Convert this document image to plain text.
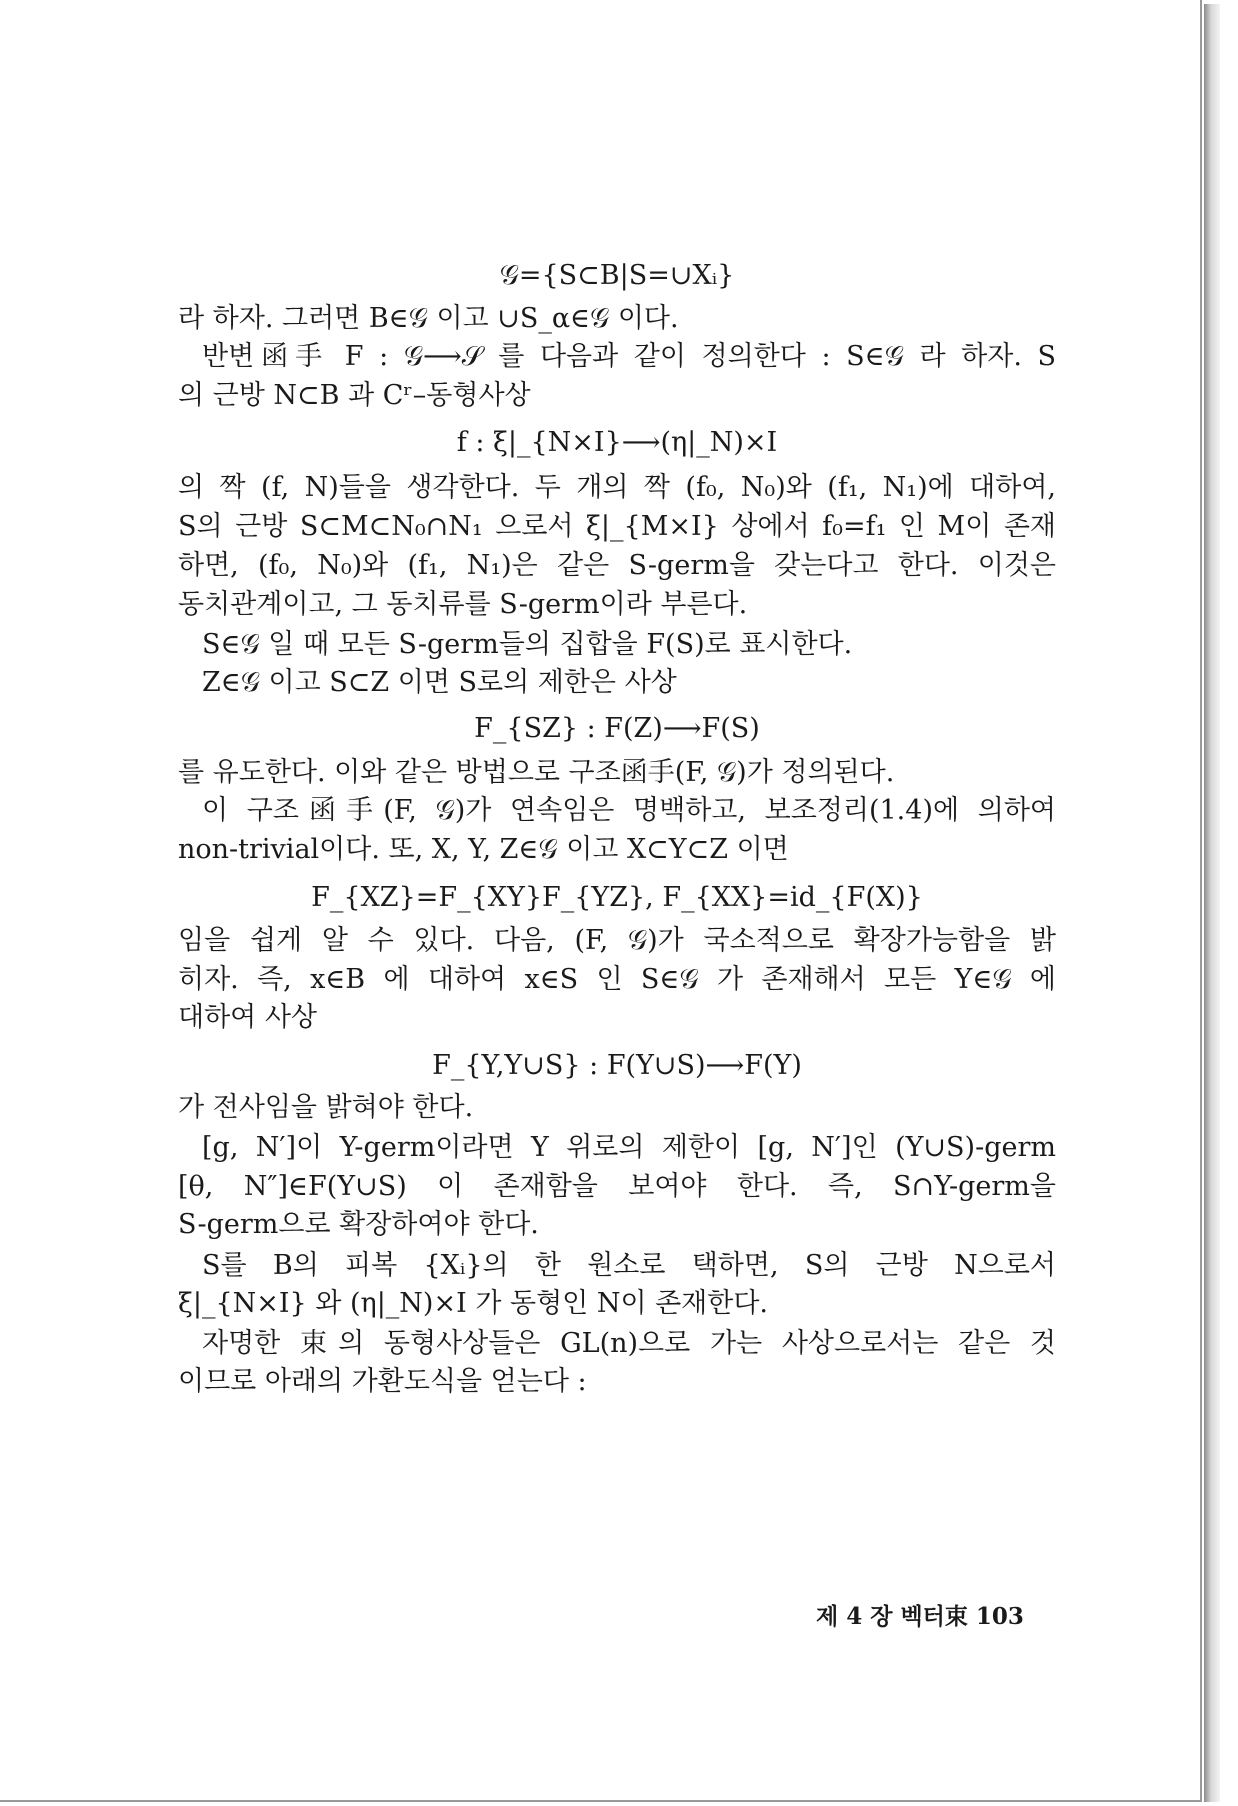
𝒢={S⊂B|S=∪Xᵢ}
라 하자. 그러면 B∈𝒢 이고 ∪S_α∈𝒢 이다.
반변函手 F : 𝒢⟶𝒮 를 다음과 같이 정의한다 : S∈𝒢 라 하자. S
의 근방 N⊂B 과 Cʳ–동형사상
f : ξ|_{N×I}⟶(η|_N)×I
의 짝 (f, N)들을 생각한다. 두 개의 짝 (f₀, N₀)와 (f₁, N₁)에 대하여,
S의 근방 S⊂M⊂N₀∩N₁ 으로서 ξ|_{M×I} 상에서 f₀=f₁ 인 M이 존재
하면, (f₀, N₀)와 (f₁, N₁)은 같은 S-germ을 갖는다고 한다. 이것은
동치관계이고, 그 동치류를 S-germ이라 부른다.
S∈𝒢 일 때 모든 S-germ들의 집합을 F(S)로 표시한다.
Z∈𝒢 이고 S⊂Z 이면 S로의 제한은 사상
F_{SZ} : F(Z)⟶F(S)
를 유도한다. 이와 같은 방법으로 구조函手(F, 𝒢)가 정의된다.
이 구조函手(F, 𝒢)가 연속임은 명백하고, 보조정리(1.4)에 의하여
non-trivial이다. 또, X, Y, Z∈𝒢 이고 X⊂Y⊂Z 이면
F_{XZ}=F_{XY}F_{YZ}, F_{XX}=id_{F(X)}
임을 쉽게 알 수 있다. 다음, (F, 𝒢)가 국소적으로 확장가능함을 밝
히자. 즉, x∈B 에 대하여 x∈S 인 S∈𝒢 가 존재해서 모든 Y∈𝒢 에
대하여 사상
F_{Y,Y∪S} : F(Y∪S)⟶F(Y)
가 전사임을 밝혀야 한다.
[g, N′]이 Y-germ이라면 Y 위로의 제한이 [g, N′]인 (Y∪S)-germ
[θ, N″]∈F(Y∪S) 이 존재함을 보여야 한다. 즉, S∩Y-germ을
S-germ으로 확장하여야 한다.
S를 B의 피복 {Xᵢ}의 한 원소로 택하면, S의 근방 N으로서
ξ|_{N×I} 와 (η|_N)×I 가 동형인 N이 존재한다.
자명한 束의 동형사상들은 GL(n)으로 가는 사상으로서는 같은 것
이므로 아래의 가환도식을 얻는다 :
제 4 장 벡터束 103
